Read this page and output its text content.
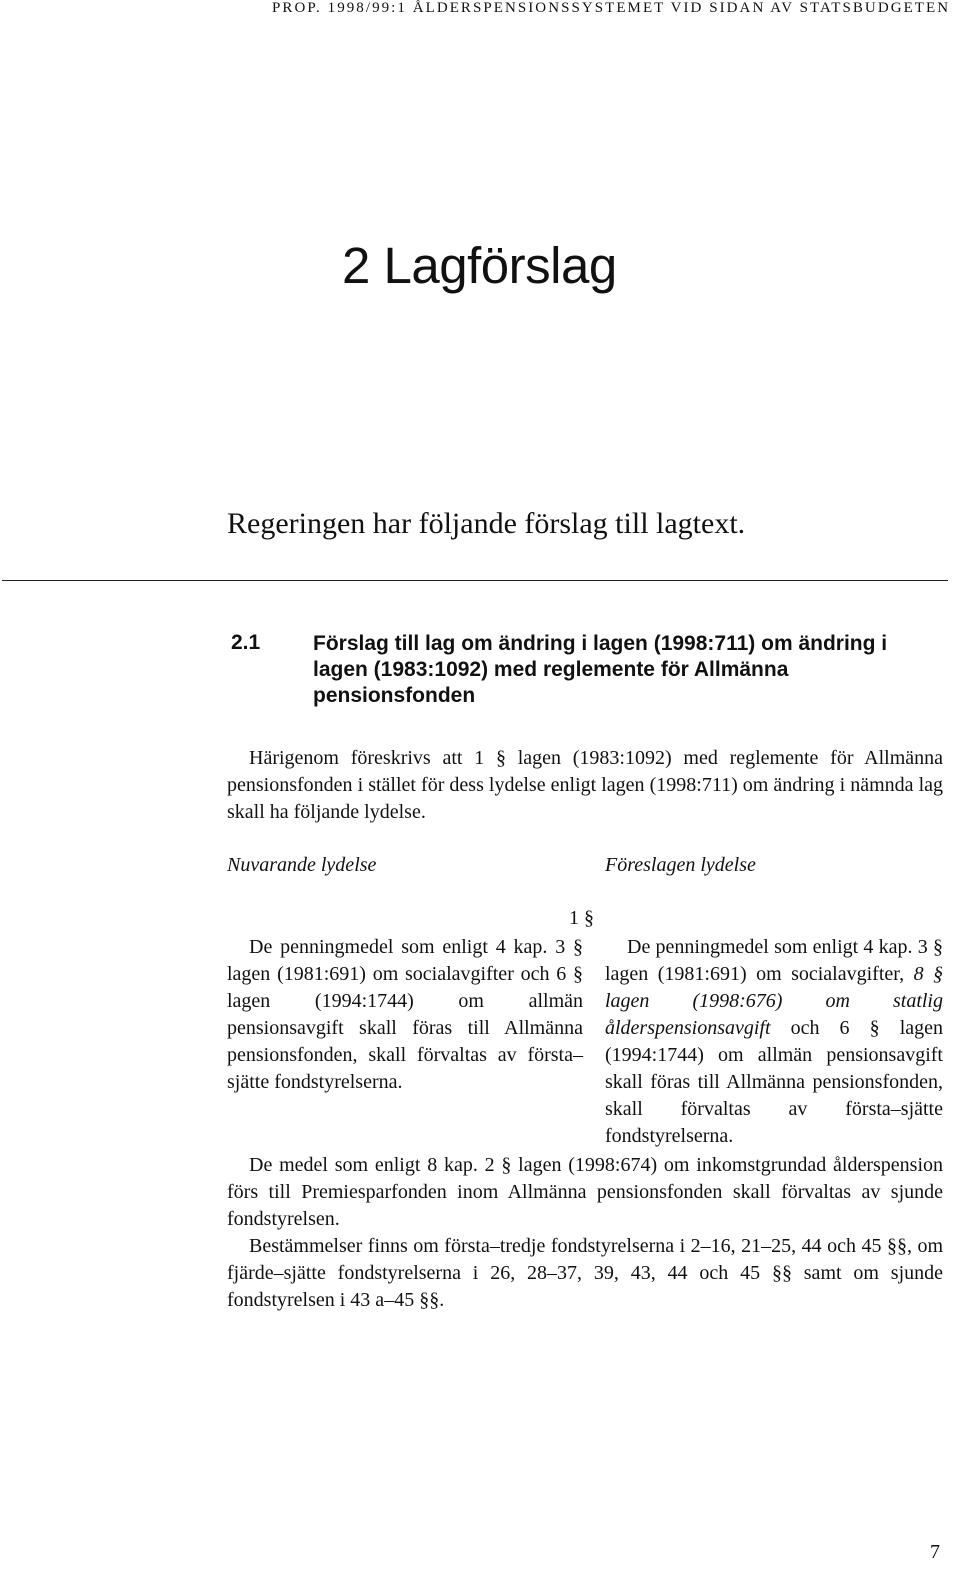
PROP. 1998/99:1 ÅLDERSPENSIONSSYSTEMET VID SIDAN AV STATSBUDGETEN
2 Lagförslag
Regeringen har följande förslag till lagtext.
2.1	Förslag till lag om ändring i lagen (1998:711) om ändring i lagen (1983:1092) med reglemente för Allmänna pensionsfonden

Härigenom föreskrivs att 1 § lagen (1983:1092) med reglemente för Allmänna pensionsfonden i stället för dess lydelse enligt lagen (1998:711) om ändring i nämnda lag skall ha följande lydelse.

Nuvarande lydelse	Föreslagen lydelse
1 §

De penningmedel som enligt 4 kap. 3 § lagen (1981:691) om socialavgifter och 6 § lagen (1994:1744) om allmän pensionsavgift skall föras till Allmänna pensionsfonden, skall förvaltas av första–sjätte fondstyrelserna.

De penningmedel som enligt 4 kap. 3 § lagen (1981:691) om socialavgifter, 8 § lagen (1998:676) om statlig ålderspensionsavgift och 6 § lagen (1994:1744) om allmän pensionsavgift skall föras till Allmänna pensionsfonden, skall förvaltas av första–sjätte fondstyrelserna.

De medel som enligt 8 kap. 2 § lagen (1998:674) om inkomstgrundad ålderspension förs till Premiesparfonden inom Allmänna pensionsfonden skall förvaltas av sjunde fondstyrelsen.

Bestämmelser finns om första–tredje fondstyrelserna i 2–16, 21–25, 44 och 45 §§, om fjärde–sjätte fondstyrelserna i 26, 28–37, 39, 43, 44 och 45 §§ samt om sjunde fondstyrelsen i 43 a–45 §§.

7
